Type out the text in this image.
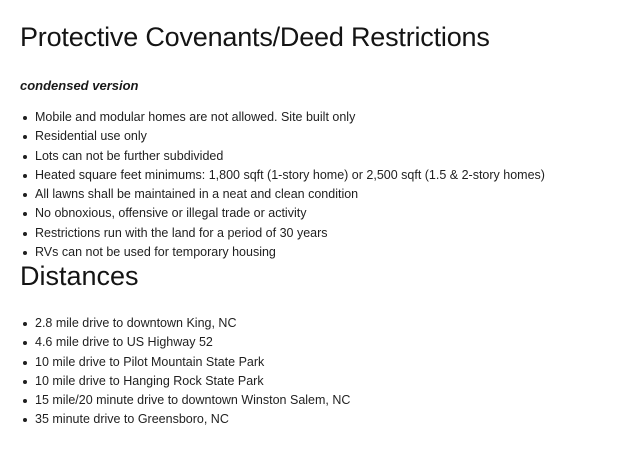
Protective Covenants/Deed Restrictions

condensed version

Mobile and modular homes are not allowed. Site built only
Residential use only
Lots can not be further subdivided
Heated square feet minimums: 1,800 sqft (1-story home) or 2,500 sqft (1.5 & 2-story homes)
All lawns shall be maintained in a neat and clean condition
No obnoxious, offensive or illegal trade or activity
Restrictions run with the land for a period of 30 years
RVs can not be used for temporary housing
Distances
2.8 mile drive to downtown King, NC
4.6 mile drive to US Highway 52
10 mile drive to Pilot Mountain State Park
10 mile drive to Hanging Rock State Park
15 mile/20 minute drive to downtown Winston Salem, NC
35 minute drive to Greensboro, NC
